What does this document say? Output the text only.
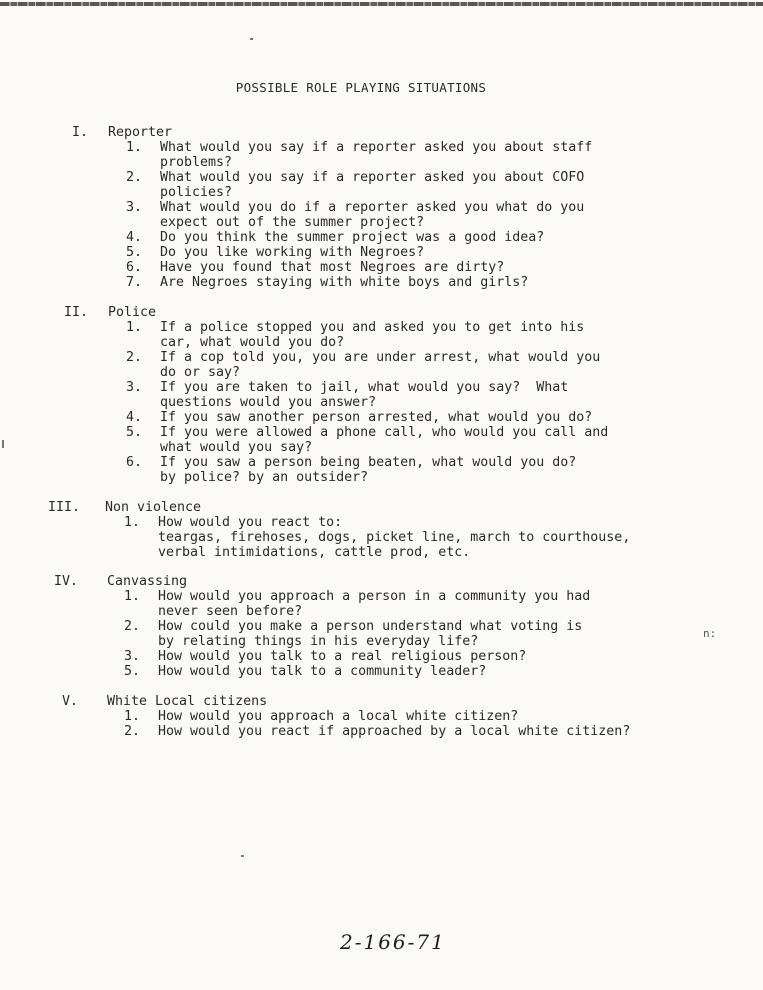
POSSIBLE ROLE PLAYING SITUATIONS
I. Reporter
1. What would you say if a reporter asked you about staff
problems?
2. What would you say if a reporter asked you about COFO
policies?
3. What would you do if a reporter asked you what do you
expect out of the summer project?
4. Do you think the summer project was a good idea?
5. Do you like working with Negroes?
6. Have you found that most Negroes are dirty?
7. Are Negroes staying with white boys and girls?
II. Police
1. If a police stopped you and asked you to get into his
car, what would you do?
2. If a cop told you, you are under arrest, what would you
do or say?
3. If you are taken to jail, what would you say?  What
questions would you answer?
4. If you saw another person arrested, what would you do?
5. If you were allowed a phone call, who would you call and
what would you say?
6. If you saw a person being beaten, what would you do?
by police? by an outsider?
III. Non violence
1. How would you react to:
teargas, firehoses, dogs, picket line, march to courthouse,
verbal intimidations, cattle prod, etc.
IV. Canvassing
1. How would you approach a person in a community you had
never seen before?
2. How could you make a person understand what voting is
by relating things in his everyday life?
3. How would you talk to a real religious person?
5. How would you talk to a community leader?
V. White Local citizens
1. How would you approach a local white citizen?
2. How would you react if approached by a local white citizen?
n:
2-166-71
